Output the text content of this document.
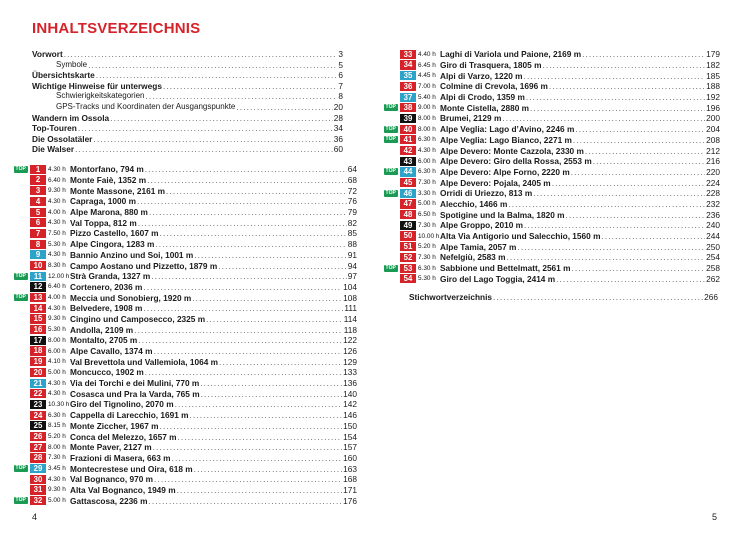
INHALTSVERZEICHNIS
Vorwort . . .	3
Symbole . . .	5
Übersichtskarte . . .	6
Wichtige Hinweise für unterwegs . . .	7
Schwierigkeitskategorien . . .	8
GPS-Tracks und Koordinaten der Ausgangspunkte . . .	20
Wandern im Ossola . . .	28
Top-Touren . . .	34
Die Ossolatäler . . .	36
Die Walser . . .	60
TOP	1	4.30 h Montorfano, 794 m . . .	64
2	6.40 h Monte Faiè, 1352 m . . .	68
3	9.30 h Monte Massone, 2161 m . . .	72
4	4.30 h Capraga, 1000 m . . .	76
5	4.00 h Alpe Marona, 880 m . . .	79
6	4.30 h Val Toppa, 812 m . . .	82
7	7.50 h Pizzo Castello, 1607 m . . .	85
8	5.30 h Alpe Cingora, 1283 m . . .	88
9	4.30 h Bannio Anzino und Soi, 1001 m . . .	91
10 8.30 h Campo Aostano und Pizzetto, 1879 m . . .	94
TOP	11 12.00 h Strà Granda, 1327 m . . .	97
12 6.40 h Cortenero, 2036 m . . .	104
TOP 13 4.00 h Meccia und Sonobierg, 1920 m . . .	108
14 4.30 h Belvedere, 1908 m . . .	111
15 9.30 h Cingino und Camposecco, 2325 m . . .	114
16 5.30 h Andolla, 2109 m . . .	118
17 8.00 h Montalto, 2705 m . . .	122
18 6.00 h Alpe Cavallo, 1374 m . . .	126
19 4.10 h Val Brevettola und Vallemiola, 1064 m . . .	129
20 5.00 h Moncucco, 1902 m . . .	133
21 4.30 h Via dei Torchi e dei Mulini, 770 m . . .	136
22 4.30 h Cosasca und Pra la Varda, 765 m . . .	140
23 10.30 h Giro del Tignolino, 2070 m . . .	142
24 6.30 h Cappella di Larecchio, 1691 m . . .	146
25 8.15 h Monte Ziccher, 1967 m . . .	150
26 5.20 h Conca del Melezzo, 1657 m . . .	154
27 8.00 h Monte Paver, 2127 m . . .	157
28 7.30 h Frazioni di Masera, 663 m . . .	160
TOP 29 3.45 h Montecrestese und Oira, 618 m . . .	163
30 4.30 h Val Bognanco, 970 m . . .	168
31 9.30 h Alta Val Bognanco, 1949 m . . .	171
TOP 32 5.00 h Gattascosa, 2236 m . . .	176
4
33 4.40 h Laghi di Variola und Paione, 2169 m . . .	179
34 6.45 h Giro di Trasquera, 1805 m . . .	182
35 4.45 h Alpi di Varzo, 1220 m . . .	185
36 7.00 h Colmine di Crevola, 1696 m . . .	188
37 5.40 h Alpi di Crodo, 1359 m . . .	192
TOP 38 9.00 h Monte Cistella, 2880 m . . .	196
39 8.00 h Brumei, 2129 m . . .	200
TOP 40 8.00 h Alpe Veglia: Lago d’Avino, 2246 m . . .	204
TOP 41 6.30 h Alpe Veglia: Lago Bianco, 2271 m . . .	208
42 4.30 h Alpe Devero: Monte Cazzola, 2330 m . . .	212
43 6.00 h Alpe Devero: Giro della Rossa, 2553 m . . .	216
TOP 44 6.30 h Alpe Devero: Alpe Forno, 2220 m . . .	220
45 7.30 h Alpe Devero: Pojala, 2405 m . . .	224
TOP 46 3.30 h Orridi di Uriezzo, 813 m . . .	228
47 5.00 h Alecchio, 1466 m . . .	232
48 6.50 h Spotigine und la Balma, 1820 m . . .	236
49 7.30 h Alpe Groppo, 2010 m . . .	240
50 10.00 h Alta Via Antigorio und Salecchio, 1560 m . . .	244
51 5.20 h Alpe Tamia, 2057 m . . .	250
52 7.30 h Nefelgiù, 2583 m . . .	254
TOP 53 6.30 h Sabbione und Bettelmatt, 2561 m . . .	258
54 5.30 h Giro del Lago Toggia, 2414 m . . .	262
Stichwortverzeichnis . . .	266
5
